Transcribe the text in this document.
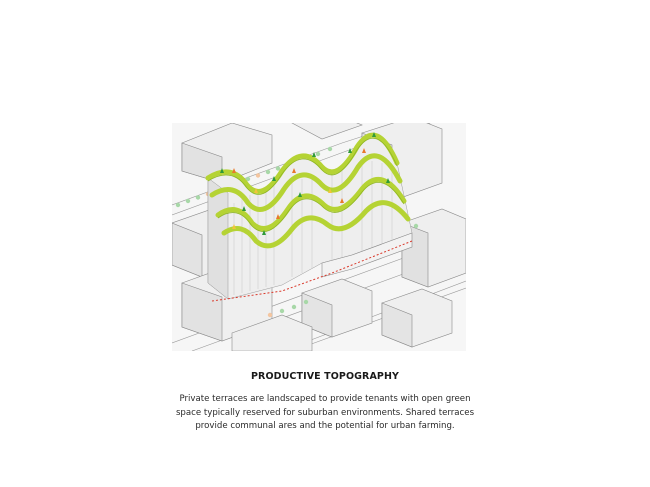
PRODUCTIVE TOPOGRAPHY
Private terraces are landscaped to provide tenants with open green
space typically reserved for suburban environments. Shared terraces
provide communal ares and the potential for urban farming.
